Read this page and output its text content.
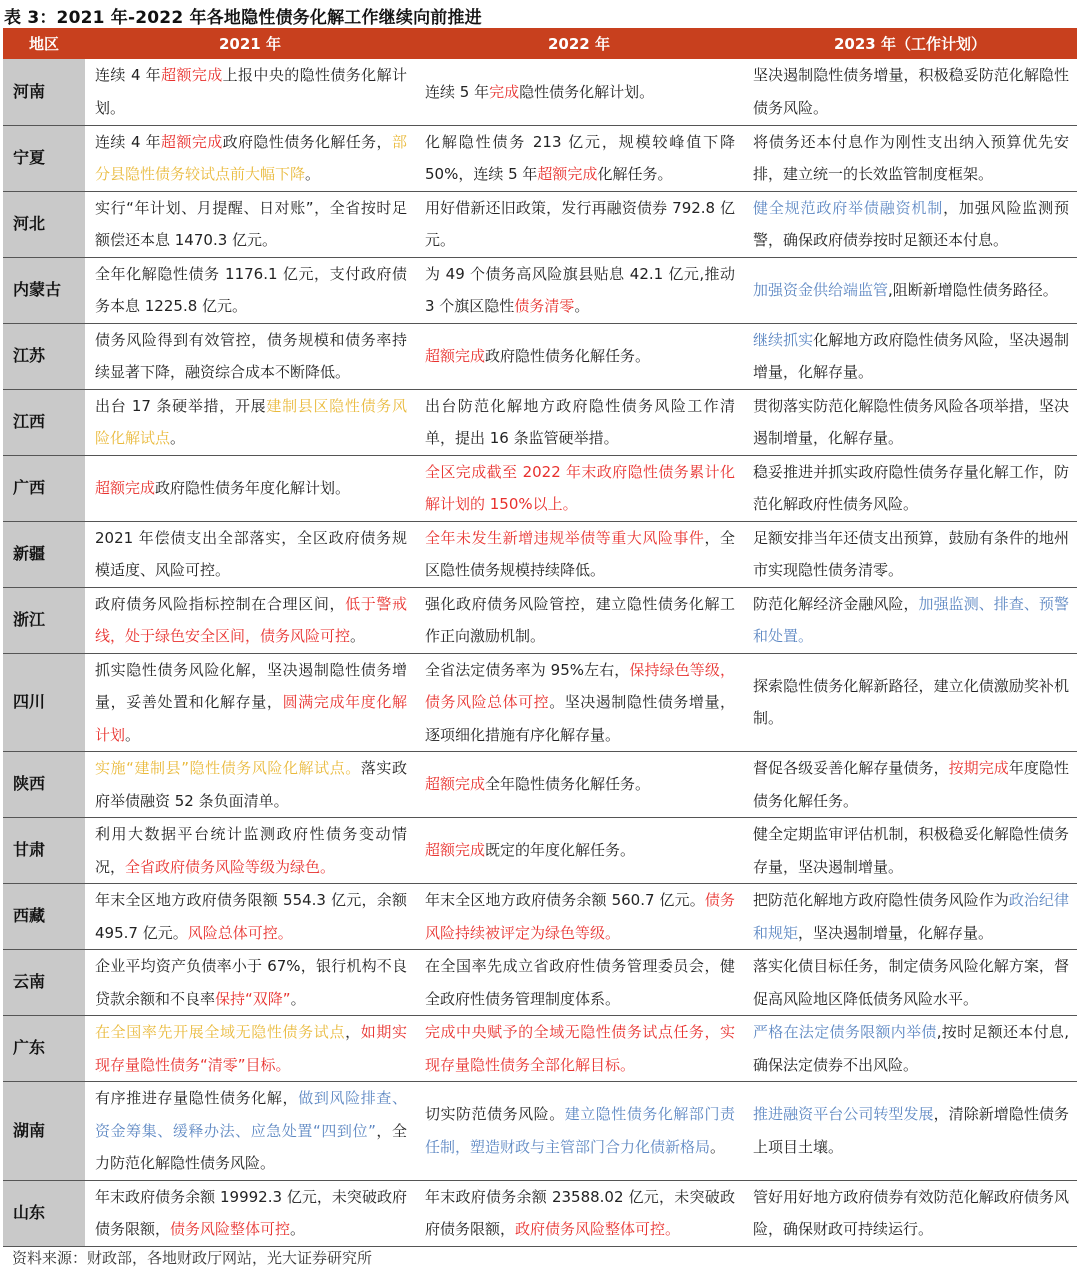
表 3：2021 年-2022 年各地隐性债务化解工作继续向前推进
地区	2021 年	2022 年	2023 年（工作计划）
河南	连续 4 年超额完成上报中央的隐性债务化解计划。	连续 5 年完成隐性债务化解计划。	坚决遏制隐性债务增量，积极稳妥防范化解隐性债务风险。
宁夏	连续 4 年超额完成政府隐性债务化解任务，部分县隐性债务较试点前大幅下降。	化解隐性债务 213 亿元，规模较峰值下降 50%，连续 5 年超额完成化解任务。	将债务还本付息作为刚性支出纳入预算优先安排，建立统一的长效监管制度框架。
河北	实行“年计划、月提醒、日对账”，全省按时足额偿还本息 1470.3 亿元。	用好借新还旧政策，发行再融资债券 792.8 亿元。	健全规范政府举债融资机制，加强风险监测预警，确保政府债券按时足额还本付息。
内蒙古	全年化解隐性债务 1176.1 亿元，支付政府债务本息 1225.8 亿元。	为 49 个债务高风险旗县贴息 42.1 亿元,推动 3 个旗区隐性债务清零。	加强资金供给端监管,阻断新增隐性债务路径。
江苏	债务风险得到有效管控，债务规模和债务率持续显著下降，融资综合成本不断降低。	超额完成政府隐性债务化解任务。	继续抓实化解地方政府隐性债务风险，坚决遏制增量，化解存量。
江西	出台 17 条硬举措，开展建制县区隐性债务风险化解试点。	出台防范化解地方政府隐性债务风险工作清单，提出 16 条监管硬举措。	贯彻落实防范化解隐性债务风险各项举措，坚决遏制增量，化解存量。
广西	超额完成政府隐性债务年度化解计划。	全区完成截至 2022 年末政府隐性债务累计化解计划的 150%以上。	稳妥推进并抓实政府隐性债务存量化解工作，防范化解政府性债务风险。
新疆	2021 年偿债支出全部落实，全区政府债务规模适度、风险可控。	全年未发生新增违规举债等重大风险事件，全区隐性债务规模持续降低。	足额安排当年还债支出预算，鼓励有条件的地州市实现隐性债务清零。
浙江	政府债务风险指标控制在合理区间，低于警戒线，处于绿色安全区间，债务风险可控。	强化政府债务风险管控，建立隐性债务化解工作正向激励机制。	防范化解经济金融风险，加强监测、排查、预警和处置。
四川	抓实隐性债务风险化解，坚决遏制隐性债务增量，妥善处置和化解存量，圆满完成年度化解计划。	全省法定债务率为 95%左右，保持绿色等级，债务风险总体可控。坚决遏制隐性债务增量，逐项细化措施有序化解存量。	探索隐性债务化解新路径，建立化债激励奖补机制。
陕西	实施“建制县”隐性债务风险化解试点。落实政府举债融资 52 条负面清单。	超额完成全年隐性债务化解任务。	督促各级妥善化解存量债务，按期完成年度隐性债务化解任务。
甘肃	利用大数据平台统计监测政府性债务变动情况，全省政府债务风险等级为绿色。	超额完成既定的年度化解任务。	健全定期监审评估机制，积极稳妥化解隐性债务存量，坚决遏制增量。
西藏	年末全区地方政府债务限额 554.3 亿元，余额 495.7 亿元。风险总体可控。	年末全区地方政府债务余额 560.7 亿元。债务风险持续被评定为绿色等级。	把防范化解地方政府隐性债务风险作为政治纪律和规矩，坚决遏制增量，化解存量。
云南	企业平均资产负债率小于 67%，银行机构不良贷款余额和不良率保持“双降”。	在全国率先成立省政府性债务管理委员会，健全政府性债务管理制度体系。	落实化债目标任务，制定债务风险化解方案，督促高风险地区降低债务风险水平。
广东	在全国率先开展全域无隐性债务试点，如期实现存量隐性债务“清零”目标。	完成中央赋予的全域无隐性债务试点任务，实现存量隐性债务全部化解目标。	严格在法定债务限额内举债,按时足额还本付息,确保法定债券不出风险。
湖南	有序推进存量隐性债务化解，做到风险排查、资金筹集、缓释办法、应急处置“四到位”，全力防范化解隐性债务风险。	切实防范债务风险。建立隐性债务化解部门责任制，塑造财政与主管部门合力化债新格局。	推进融资平台公司转型发展，清除新增隐性债务上项目土壤。
山东	年末政府债务余额 19992.3 亿元，未突破政府债务限额，债务风险整体可控。	年末政府债务余额 23588.02 亿元，未突破政府债务限额，政府债务风险整体可控。	管好用好地方政府债券有效防范化解政府债务风险，确保财政可持续运行。
资料来源：财政部，各地财政厅网站，光大证券研究所
